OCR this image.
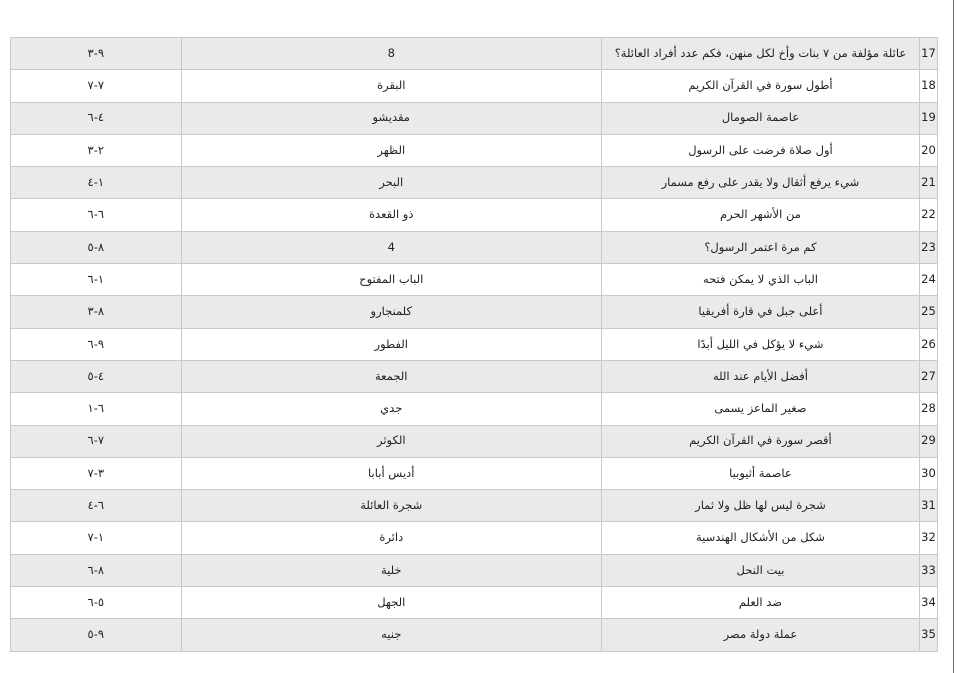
17	عائلة مؤلفة من ٧ بنات وأخ لكل منهن، فكم عدد أفراد العائلة؟	8	٩-٣
18	أطول سورة في القرآن الكريم	البقرة	٧-٧
19	عاصمة الصومال	مقديشو	٤-٦
20	أول صلاة فرضت على الرسول	الظهر	٢-٣
21	شيء يرفع أثقال ولا يقدر على رفع مسمار	البحر	١-٤
22	من الأشهر الحرم	ذو القعدة	٦-٦
23	كم مرة اعتمر الرسول؟	4	٨-٥
24	الباب الذي لا يمكن فتحه	الباب المفتوح	١-٦
25	أعلى جبل في قارة أفريقيا	كلمنجارو	٨-٣
26	شيء لا يؤكل في الليل أبدًا	الفطور	٩-٦
27	أفضل الأيام عند الله	الجمعة	٤-٥
28	صغير الماعز يسمى	جدي	٦-١
29	أقصر سورة في القرآن الكريم	الكوثر	٧-٦
30	عاصمة أثيوبيا	أديس أبابا	٣-٧
31	شجرة ليس لها ظل ولا ثمار	شجرة العائلة	٦-٤
32	شكل من الأشكال الهندسية	دائرة	١-٧
33	بيت النحل	خلية	٨-٦
34	ضد العلم	الجهل	٥-٦
35	عملة دولة مصر	جنيه	٩-٥
